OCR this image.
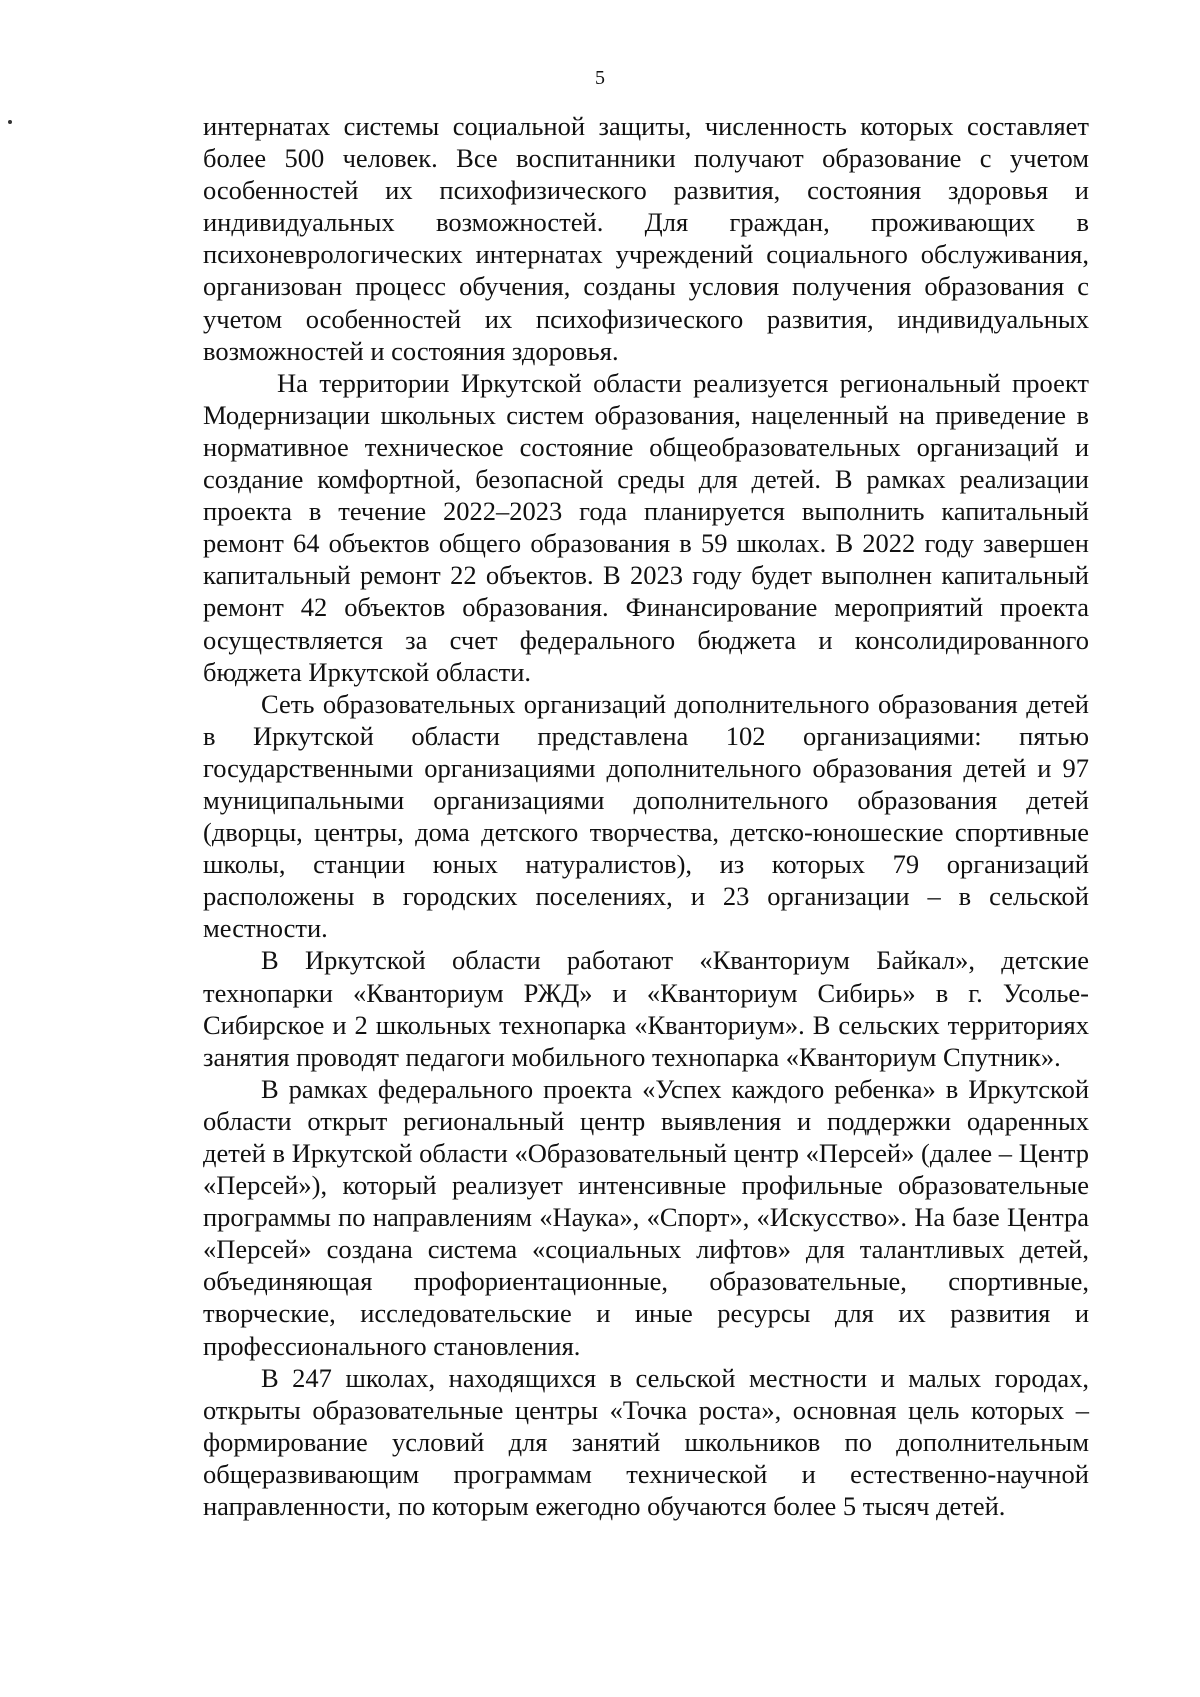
5

интернатах системы социальной защиты, численность которых составляет более 500 человек. Все воспитанники получают образование с учетом особенностей их психофизического развития, состояния здоровья и индивидуальных возможностей. Для граждан, проживающих в психоневрологических интернатах учреждений социального обслуживания, организован процесс обучения, созданы условия получения образования с учетом особенностей их психофизического развития, индивидуальных возможностей и состояния здоровья.

На территории Иркутской области реализуется региональный проект Модернизации школьных систем образования, нацеленный на приведение в нормативное техническое состояние общеобразовательных организаций и создание комфортной, безопасной среды для детей. В рамках реализации проекта в течение 2022–2023 года планируется выполнить капитальный ремонт 64 объектов общего образования в 59 школах. В 2022 году завершен капитальный ремонт 22 объектов. В 2023 году будет выполнен капитальный ремонт 42 объектов образования. Финансирование мероприятий проекта осуществляется за счет федерального бюджета и консолидированного бюджета Иркутской области.

Сеть образовательных организаций дополнительного образования детей в Иркутской области представлена 102 организациями: пятью государственными организациями дополнительного образования детей и 97 муниципальными организациями дополнительного образования детей (дворцы, центры, дома детского творчества, детско-юношеские спортивные школы, станции юных натуралистов), из которых 79 организаций расположены в городских поселениях, и 23 организации – в сельской местности.

В Иркутской области работают «Кванториум Байкал», детские технопарки «Кванториум РЖД» и «Кванториум Сибирь» в г. Усолье-Сибирское и 2 школьных технопарка «Кванториум». В сельских территориях занятия проводят педагоги мобильного технопарка «Кванториум Спутник».

В рамках федерального проекта «Успех каждого ребенка» в Иркутской области открыт региональный центр выявления и поддержки одаренных детей в Иркутской области «Образовательный центр «Персей» (далее – Центр «Персей»), который реализует интенсивные профильные образовательные программы по направлениям «Наука», «Спорт», «Искусство». На базе Центра «Персей» создана система «социальных лифтов» для талантливых детей, объединяющая профориентационные, образовательные, спортивные, творческие, исследовательские и иные ресурсы для их развития и профессионального становления.

В 247 школах, находящихся в сельской местности и малых городах, открыты образовательные центры «Точка роста», основная цель которых – формирование условий для занятий школьников по дополнительным общеразвивающим программам технической и естественно-научной направленности, по которым ежегодно обучаются более 5 тысяч детей.
